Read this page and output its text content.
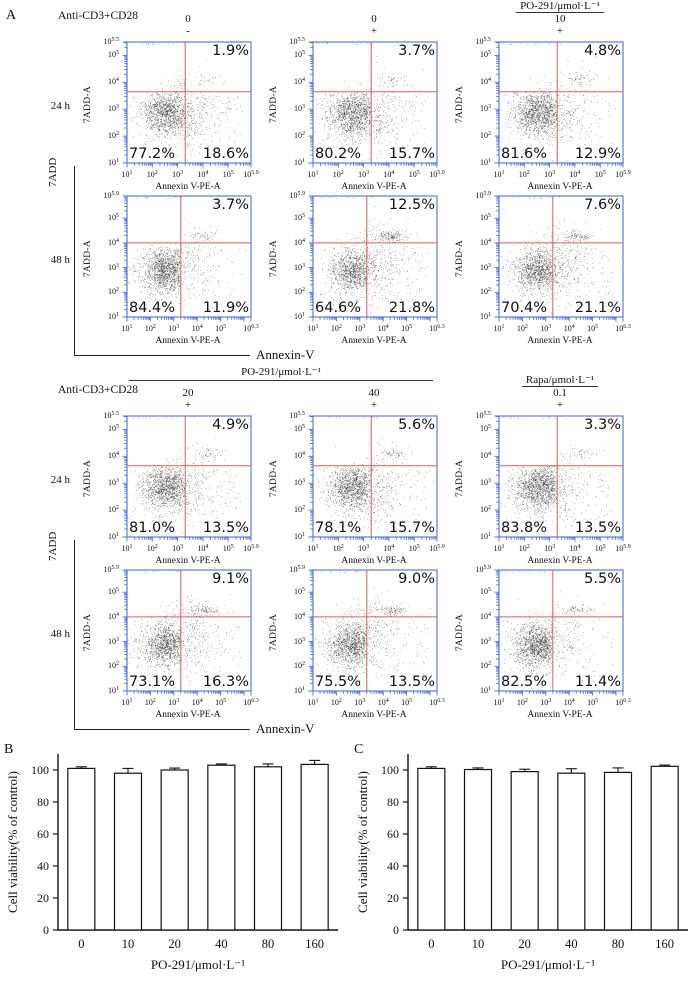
A	Anti-CD3+CD28	0
-
0
+
PO-291/μmol·L⁻¹
10
+
24 h 7ADD-A
$10^{5.5}$
$10^5$
$10^4$
$10^3$
$10^2$
$10^1$
1.9%
77.2% 18.6%
$10^1$ $10^2$ $10^3$ $10^4$ $10^5$ $10^{5.9}$
Annexin V-PE-A
7ADD-A
$10^{5.5}$
$10^5$
$10^4$
$10^3$
$10^2$
$10^1$
3.7%
80.2% 15.7%
$10^1$ $10^2$ $10^3$ $10^4$ $10^5$ $10^{5.9}$
Annexin V-PE-A
7ADD-A
$10^{5.5}$
$10^5$
$10^4$
$10^3$
$10^2$
$10^1$
4.8%
81.6% 12.9%
$10^1$ $10^2$ $10^3$ $10^4$ $10^5$ $10^{5.9}$
Annexin V-PE-A
48 h 7ADD-A
$10^{5.9}$
$10^5$
$10^4$
$10^3$
$10^2$
$10^1$
3.7%
84.4% 11.9%
$10^1$ $10^2$ $10^3$ $10^4$ $10^5$ $10^{6.3}$
Annexin V-PE-A
7ADD-A
$10^{5.9}$
$10^5$
$10^4$
$10^3$
$10^2$
$10^1$
12.5%
64.6% 21.8%
$10^1$ $10^2$ $10^3$ $10^4$ $10^5$ $10^{6.3}$
Annexin V-PE-A
7ADD-A
$10^{5.9}$
$10^5$
$10^4$
$10^3$
$10^2$
$10^1$
7.6%
70.4% 21.1%
$10^1$ $10^2$ $10^3$ $10^4$ $10^5$ $10^{6.3}$
Annexin V-PE-A
Annexin-V
7ADD
Anti-CD3+CD28
PO-291/μmol·L⁻¹
20
+
40
+
Rapa/μmol·L⁻¹
0.1
+
24 h 7ADD-A
$10^{5.5}$
$10^5$
$10^4$
$10^3$
$10^2$
$10^1$
4.9%
81.0% 13.5%
$10^1$ $10^2$ $10^3$ $10^4$ $10^5$ $10^{5.9}$
Annexin V-PE-A
7ADD-A
$10^{5.5}$
$10^5$
$10^4$
$10^3$
$10^2$
$10^1$
5.6%
78.1% 15.7%
$10^1$ $10^2$ $10^3$ $10^4$ $10^5$ $10^{5.9}$
Annexin V-PE-A
7ADD-A
$10^{5.5}$
$10^5$
$10^4$
$10^3$
$10^2$
$10^1$
3.3%
83.8% 13.5%
$10^1$ $10^2$ $10^3$ $10^4$ $10^5$ $10^{5.9}$
Annexin V-PE-A
48 h 7ADD-A
$10^{5.9}$
$10^5$
$10^4$
$10^3$
$10^2$
$10^1$
9.1%
73.1% 16.3%
$10^1$ $10^2$ $10^3$ $10^4$ $10^5$ $10^{6.3}$
Annexin V-PE-A
7ADD-A
$10^{5.9}$
$10^5$
$10^4$
$10^3$
$10^2$
$10^1$
9.0%
75.5% 13.5%
$10^1$ $10^2$ $10^3$ $10^4$ $10^5$ $10^{6.3}$
Annexin V-PE-A
7ADD-A
$10^{5.9}$
$10^5$
$10^4$
$10^3$
$10^2$
$10^1$
5.5%
82.5% 11.4%
$10^1$ $10^2$ $10^3$ $10^4$ $10^5$ $10^{6.3}$
Annexin V-PE-A
Annexin-V
7ADD
B
0
20
40
60
80
100
0	10	20	40	80 160
PO-291/μmol·L⁻¹
Cell viability(% of control)
C
0
20
40
60
80
100
0	10	20	40	80 160
PO-291/μmol·L⁻¹
Cell viability(% of control)
